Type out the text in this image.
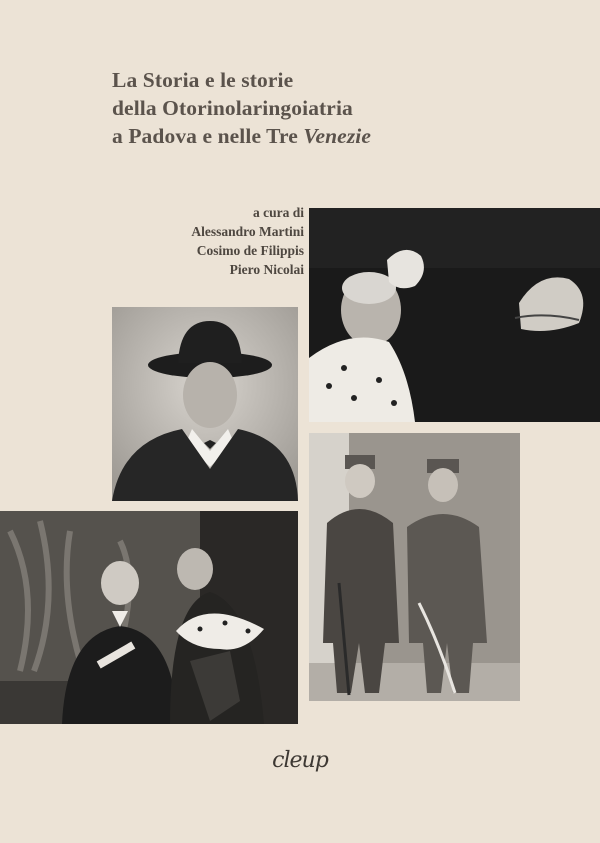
La Storia e le storie
della Otorinolaringoiatria
a Padova e nelle Tre Venezie
a cura di
Alessandro Martini
Cosimo de Filippis
Piero Nicolai
cleup
